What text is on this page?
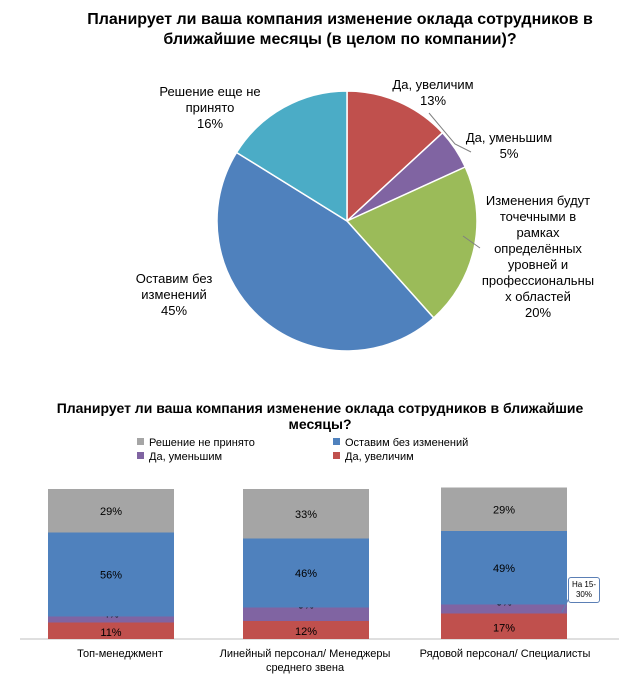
Планирует ли ваша компания изменение оклада сотрудников в ближайшие месяцы (в целом по компании)?
Да, увеличим
13%
Да, уменьшим
5%
Изменения будут
точечными в
рамках
определённых
уровней и
профессиональны
х областей
20%
Оставим без
изменений
45%
Решение еще не
принято
16%
Планирует ли ваша компания изменение оклада сотрудников в ближайшие месяцы?
Решение не принято	Оставим без изменений
Да, уменьшим	Да, увеличим
11%
56%
29%
12%
46%
33%
17%
49%
29%
Топ-менеджмент	Линейный персонал/ Менеджеры
среднего звена
Рядовой персонал/ Специалисты
На 15-30%
